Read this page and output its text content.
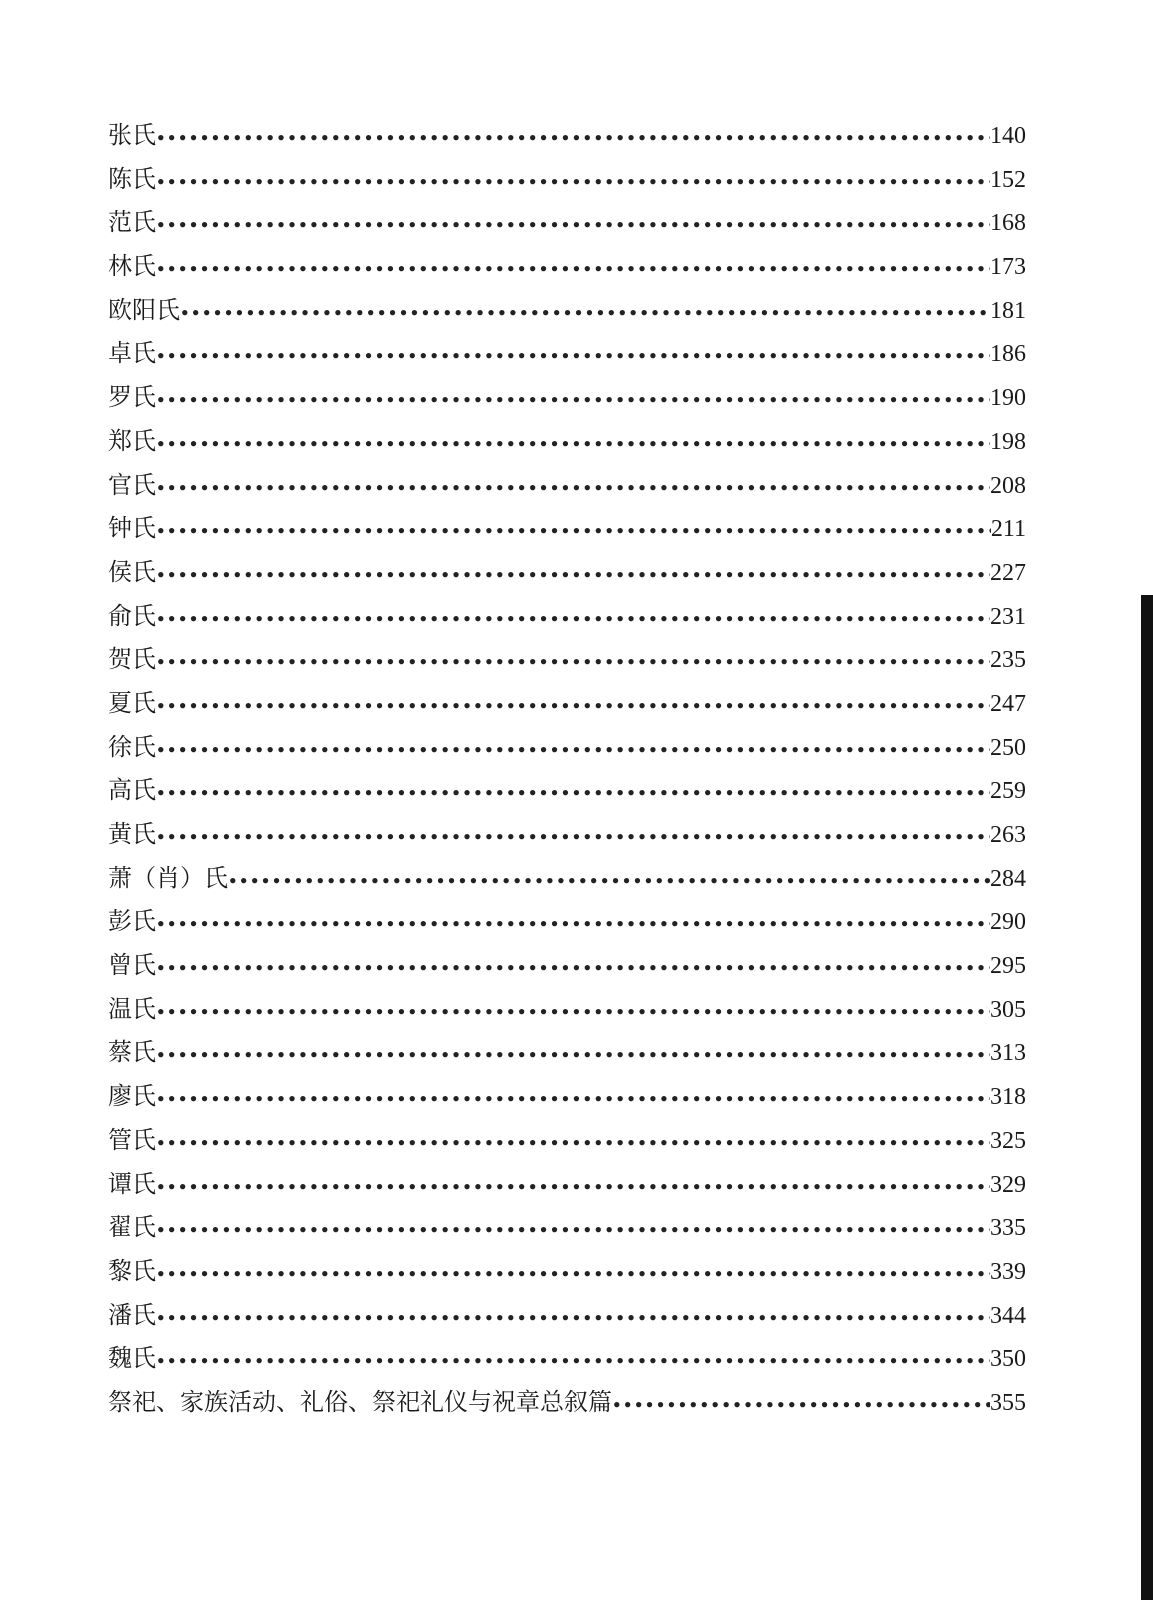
张氏 •••••	140
陈氏 •••••	152
范氏 •••••	168
林氏 •••••	173
欧阳氏 •••••	181
卓氏 •••••	186
罗氏 •••••	190
郑氏 •••••	198
官氏 •••••	208
钟氏 •••••	211
侯氏 •••••	227
俞氏 •••••	231
贺氏 •••••	235
夏氏 •••••	247
徐氏 •••••	250
高氏 •••••	259
黄氏 •••••	263
萧（肖）氏 •••••	284
彭氏 •••••	290
曾氏 •••••	295
温氏 •••••	305
蔡氏 •••••	313
廖氏 •••••	318
管氏 •••••	325
谭氏 •••••	329
翟氏 •••••	335
黎氏 •••••	339
潘氏 •••••	344
魏氏 •••••	350
祭祀、家族活动、礼俗、祭祀礼仪与祝章总叙篇 •••••	355
